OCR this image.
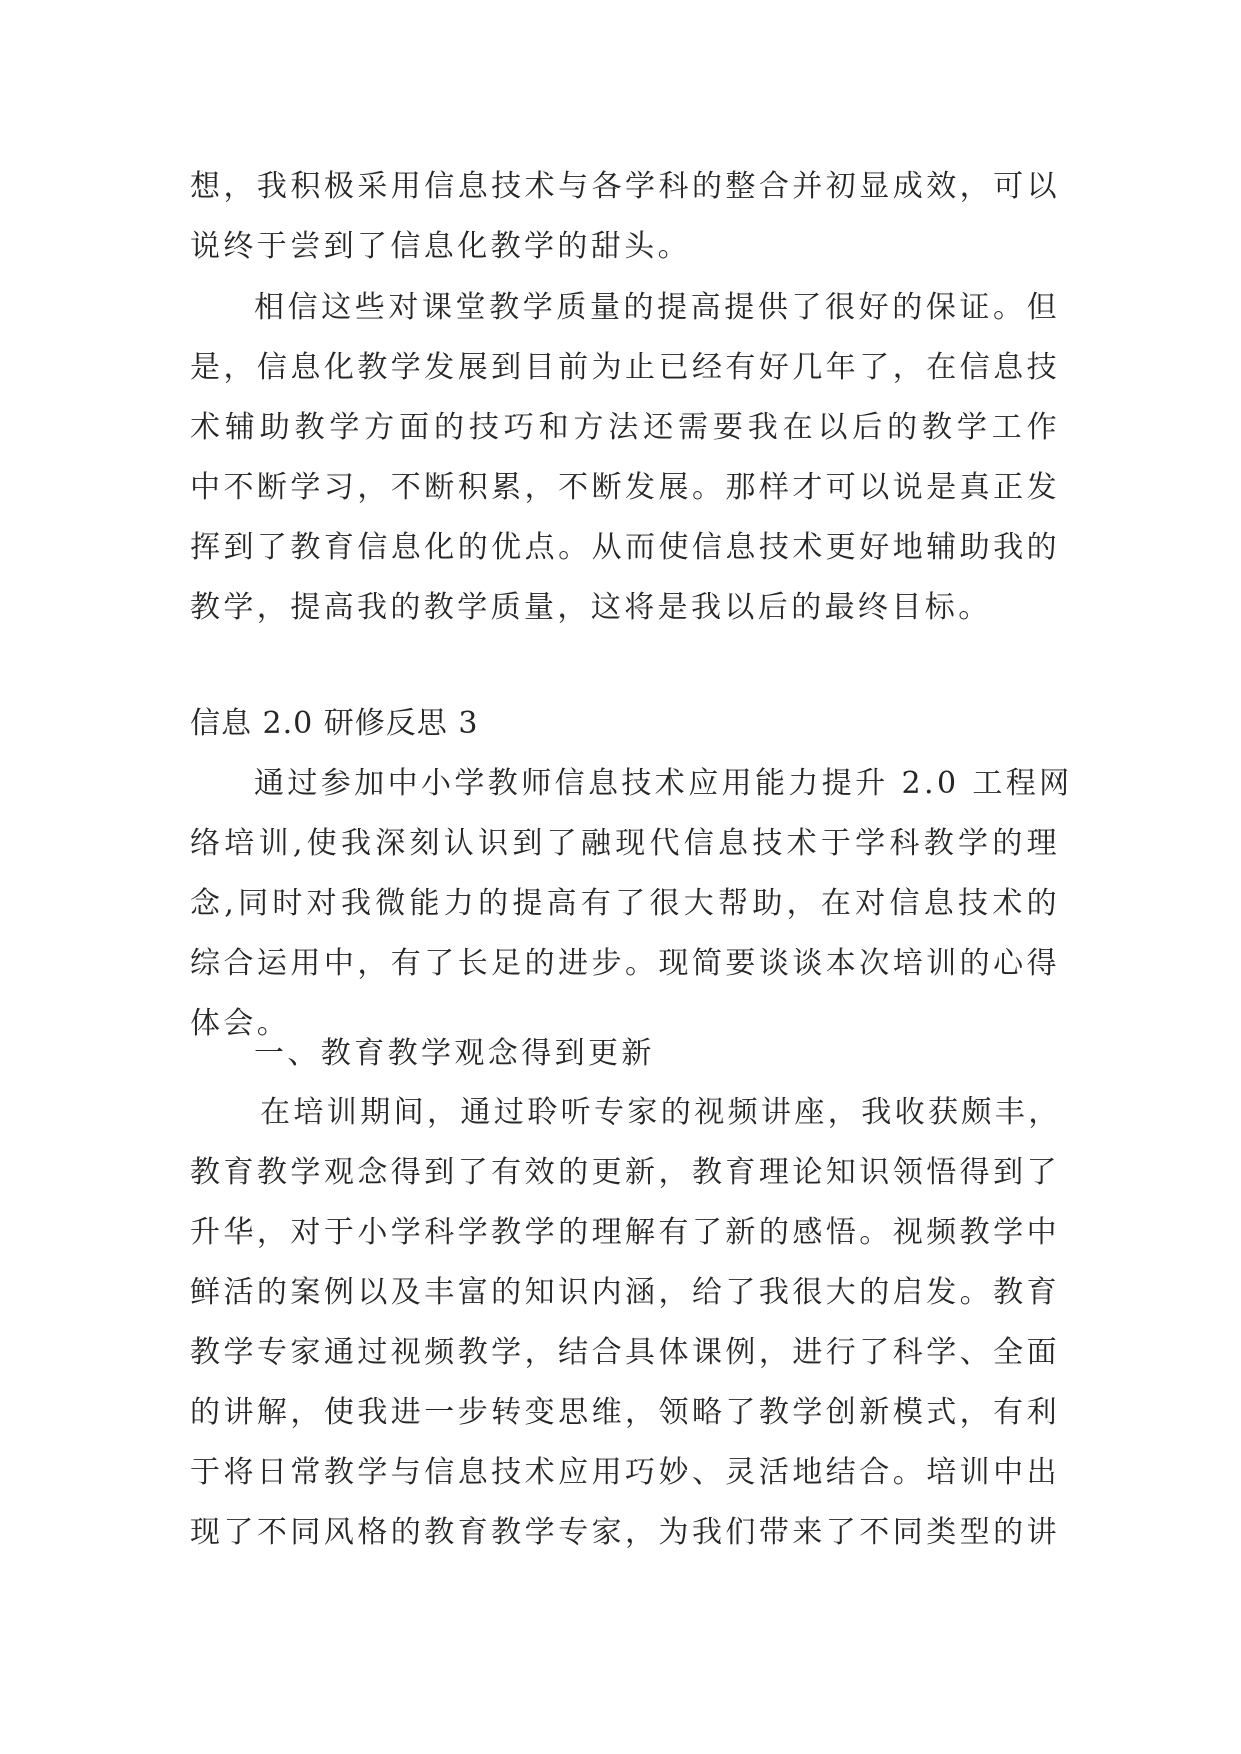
想，我积极采用信息技术与各学科的整合并初显成效，可以
说终于尝到了信息化教学的甜头。
相信这些对课堂教学质量的提高提供了很好的保证。但
是，信息化教学发展到目前为止已经有好几年了，在信息技
术辅助教学方面的技巧和方法还需要我在以后的教学工作
中不断学习，不断积累，不断发展。那样才可以说是真正发
挥到了教育信息化的优点。从而使信息技术更好地辅助我的
教学，提高我的教学质量，这将是我以后的最终目标。
信息 2.0 研修反思 3
通过参加中小学教师信息技术应用能力提升 2.0 工程网
络培训,使我深刻认识到了融现代信息技术于学科教学的理
念,同时对我微能力的提高有了很大帮助，在对信息技术的
综合运用中，有了长足的进步。现简要谈谈本次培训的心得
体会。
一、教育教学观念得到更新
在培训期间，通过聆听专家的视频讲座，我收获颇丰，
教育教学观念得到了有效的更新，教育理论知识领悟得到了
升华，对于小学科学教学的理解有了新的感悟。视频教学中
鲜活的案例以及丰富的知识内涵，给了我很大的启发。教育
教学专家通过视频教学，结合具体课例，进行了科学、全面
的讲解，使我进一步转变思维，领略了教学创新模式，有利
于将日常教学与信息技术应用巧妙、灵活地结合。培训中出
现了不同风格的教育教学专家，为我们带来了不同类型的讲
